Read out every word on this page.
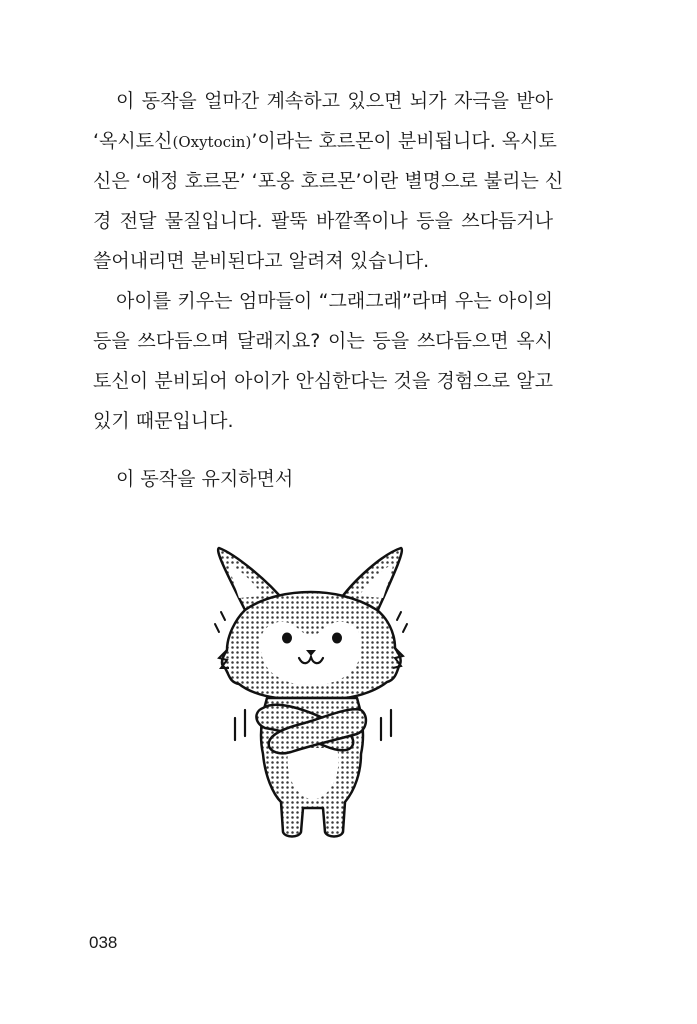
이 동작을 얼마간 계속하고 있으면 뇌가 자극을 받아
‘옥시토신(Oxytocin)’이라는 호르몬이 분비됩니다. 옥시토
신은 ‘애정 호르몬’ ‘포옹 호르몬’이란 별명으로 불리는 신
경 전달 물질입니다. 팔뚝 바깥쪽이나 등을 쓰다듬거나
쓸어내리면 분비된다고 알려져 있습니다.
아이를 키우는 엄마들이 “그래그래”라며 우는 아이의
등을 쓰다듬으며 달래지요? 이는 등을 쓰다듬으면 옥시
토신이 분비되어 아이가 안심한다는 것을 경험으로 알고
있기 때문입니다.
이 동작을 유지하면서
038
